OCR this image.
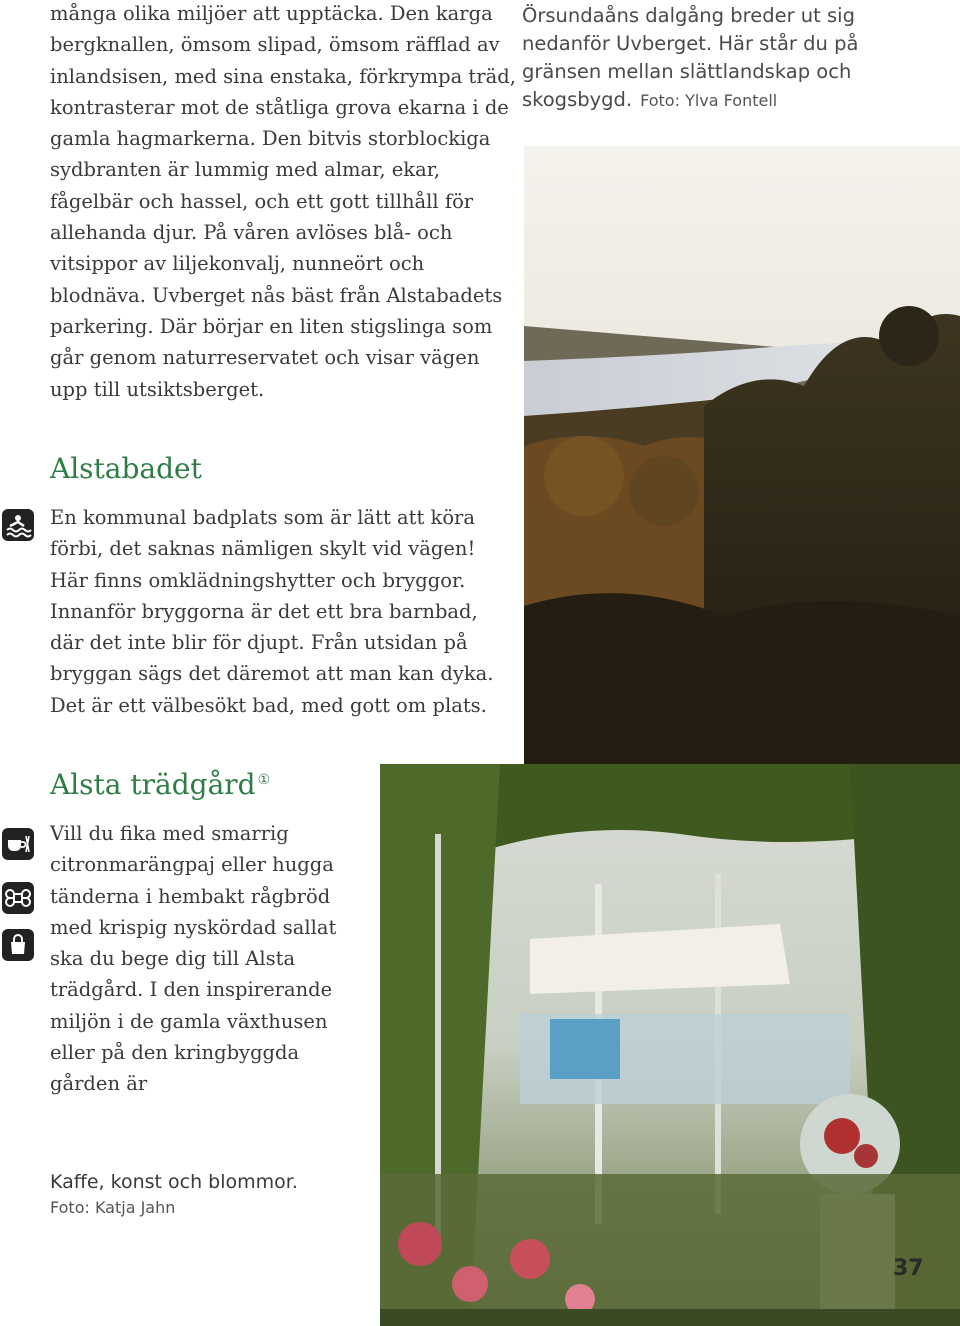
många olika miljöer att upptäcka. Den karga bergknallen, ömsom slipad, ömsom räfflad av inlandsisen, med sina enstaka, förkrympa träd, kontrasterar mot de ståtliga grova ekarna i de gamla hagmarkerna. Den bitvis storblockiga sydbranten är lummig med almar, ekar, fågelbär och hassel, och ett gott tillhåll för allehanda djur. På våren avlöses blå- och vitsippor av liljekonvalj, nunneört och blodnäva. Uvberget nås bäst från Alstabadets parkering. Där börjar en liten stigslinga som går genom naturreservatet och visar vägen upp till utsiktsberget.

Örsundaåns dalgång breder ut sig nedanför Uvberget. Här står du på gränsen mellan slättlandskap och skogsbygd. Foto: Ylva Fontell
Alstabadet

En kommunal badplats som är lätt att köra förbi, det saknas nämligen skylt vid vägen! Här finns omklädningshytter och bryggor. Innanför bryggorna är det ett bra barnbad, där det inte blir för djupt. Från utsidan på bryggan sägs det däremot att man kan dyka. Det är ett välbesökt bad, med gott om plats.

Alsta trädgård ①

Vill du fika med smarrig citronmarängpaj eller hugga tänderna i hembakt rågbröd med krispig nyskördad sallat ska du bege dig till Alsta trädgård. I den inspirerande miljön i de gamla växthusen eller på den kringbyggda gården är

Kaffe, konst och blommor.
Foto: Katja Jahn
37
